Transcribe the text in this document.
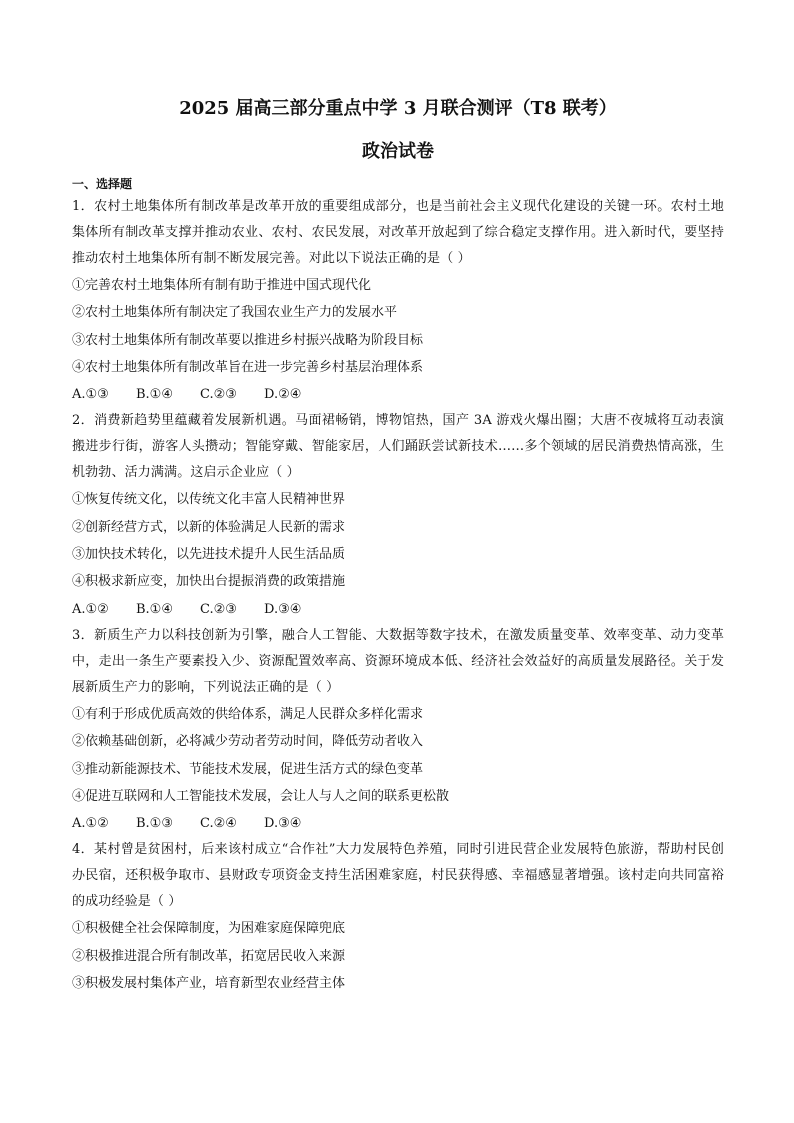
2025 届高三部分重点中学 3 月联合测评（T8 联考）
政治试卷
一、选择题

1．农村土地集体所有制改革是改革开放的重要组成部分，也是当前社会主义现代化建设的关键一环。农村土地集体所有制改革支撑并推动农业、农村、农民发展，对改革开放起到了综合稳定支撑作用。进入新时代，要坚持推动农村土地集体所有制不断发展完善。对此以下说法正确的是（ ）

①完善农村土地集体所有制有助于推进中国式现代化

②农村土地集体所有制决定了我国农业生产力的发展水平

③农村土地集体所有制改革要以推进乡村振兴战略为阶段目标

④农村土地集体所有制改革旨在进一步完善乡村基层治理体系

A.①③	B.①④	C.②③	D.②④

2．消费新趋势里蕴藏着发展新机遇。马面裙畅销，博物馆热，国产 3A 游戏火爆出圈；大唐不夜城将互动表演搬进步行街，游客人头攒动；智能穿戴、智能家居，人们踊跃尝试新技术……多个领域的居民消费热情高涨，生机勃勃、活力满满。这启示企业应（ ）

①恢复传统文化，以传统文化丰富人民精神世界

②创新经营方式，以新的体验满足人民新的需求

③加快技术转化，以先进技术提升人民生活品质

④积极求新应变，加快出台提振消费的政策措施

A.①②	B.①④	C.②③	D.③④

3．新质生产力以科技创新为引擎，融合人工智能、大数据等数字技术，在激发质量变革、效率变革、动力变革中，走出一条生产要素投入少、资源配置效率高、资源环境成本低、经济社会效益好的高质量发展路径。关于发展新质生产力的影响，下列说法正确的是（ ）

①有利于形成优质高效的供给体系，满足人民群众多样化需求

②依赖基础创新，必将减少劳动者劳动时间，降低劳动者收入

③推动新能源技术、节能技术发展，促进生活方式的绿色变革

④促进互联网和人工智能技术发展，会让人与人之间的联系更松散

A.①②	B.①③	C.②④	D.③④

4．某村曾是贫困村，后来该村成立“合作社”大力发展特色养殖，同时引进民营企业发展特色旅游，帮助村民创办民宿，还积极争取市、县财政专项资金支持生活困难家庭，村民获得感、幸福感显著增强。该村走向共同富裕的成功经验是（ ）

①积极健全社会保障制度，为困难家庭保障兜底

②积极推进混合所有制改革，拓宽居民收入来源

③积极发展村集体产业，培育新型农业经营主体
